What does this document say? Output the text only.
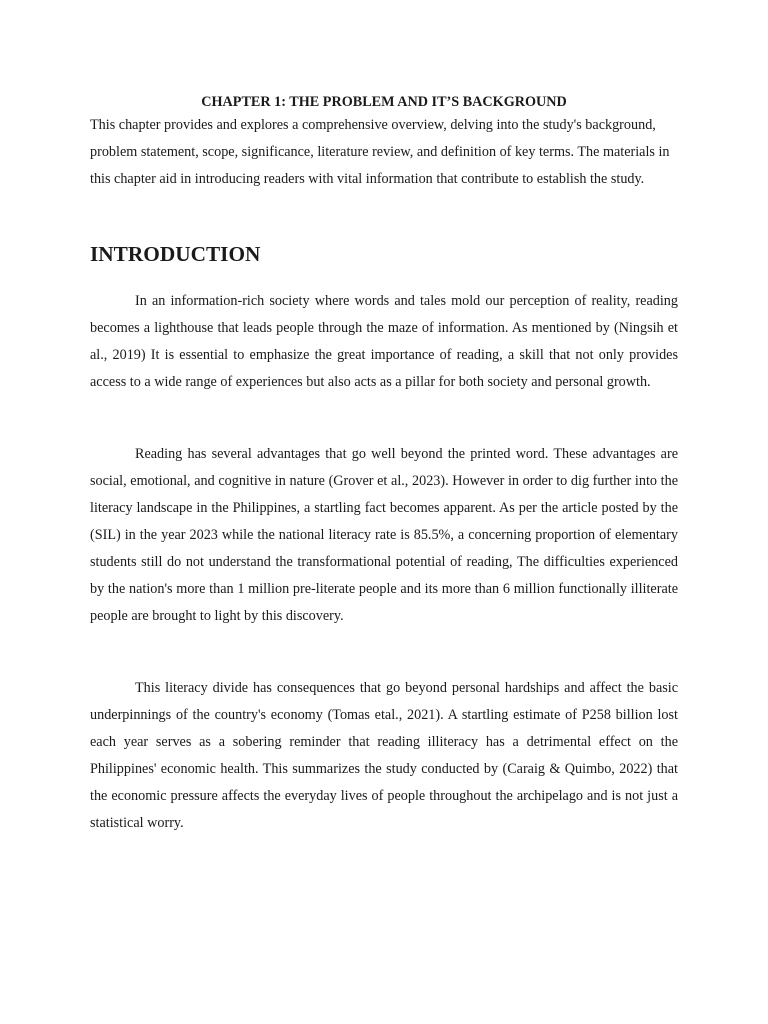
CHAPTER 1: THE PROBLEM AND IT’S BACKGROUND

This chapter provides and explores a comprehensive overview, delving into the study's background, problem statement, scope, significance, literature review, and definition of key terms. The materials in this chapter aid in introducing readers with vital information that contribute to establish the study.

INTRODUCTION

In an information-rich society where words and tales mold our perception of reality, reading becomes a lighthouse that leads people through the maze of information. As mentioned by (Ningsih et al., 2019) It is essential to emphasize the great importance of reading, a skill that not only provides access to a wide range of experiences but also acts as a pillar for both society and personal growth.

Reading has several advantages that go well beyond the printed word. These advantages are social, emotional, and cognitive in nature (Grover et al., 2023). However in order to dig further into the literacy landscape in the Philippines, a startling fact becomes apparent. As per the article posted by the (SIL) in the year 2023 while the national literacy rate is 85.5%, a concerning proportion of elementary students still do not understand the transformational potential of reading, The difficulties experienced by the nation's more than 1 million pre-literate people and its more than 6 million functionally illiterate people are brought to light by this discovery.

This literacy divide has consequences that go beyond personal hardships and affect the basic underpinnings of the country's economy (Tomas etal., 2021). A startling estimate of P258 billion lost each year serves as a sobering reminder that reading illiteracy has a detrimental effect on the Philippines' economic health. This summarizes the study conducted by (Caraig & Quimbo, 2022) that the economic pressure affects the everyday lives of people throughout the archipelago and is not just a statistical worry.
